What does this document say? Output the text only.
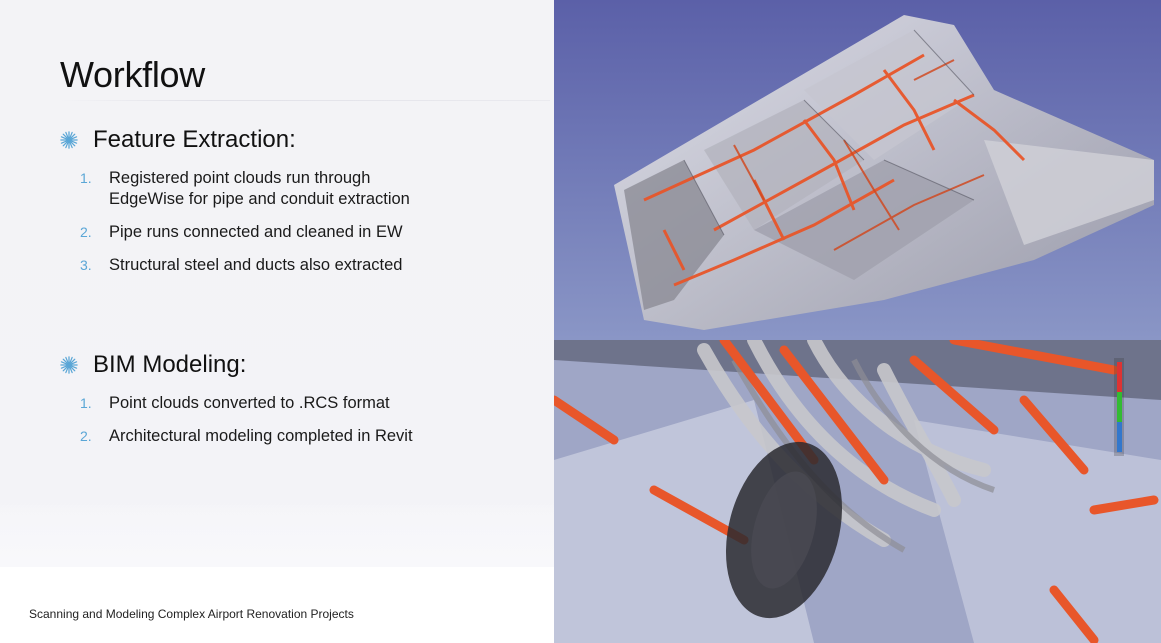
Workflow
Feature Extraction:
1.	Registered point clouds run through EdgeWise for pipe and conduit extraction
2.	Pipe runs connected and cleaned in EW
3.	Structural steel and ducts also extracted
BIM Modeling:
1.	Point clouds converted to .RCS format
2.	Architectural modeling completed in Revit
Scanning and Modeling Complex Airport Renovation Projects
